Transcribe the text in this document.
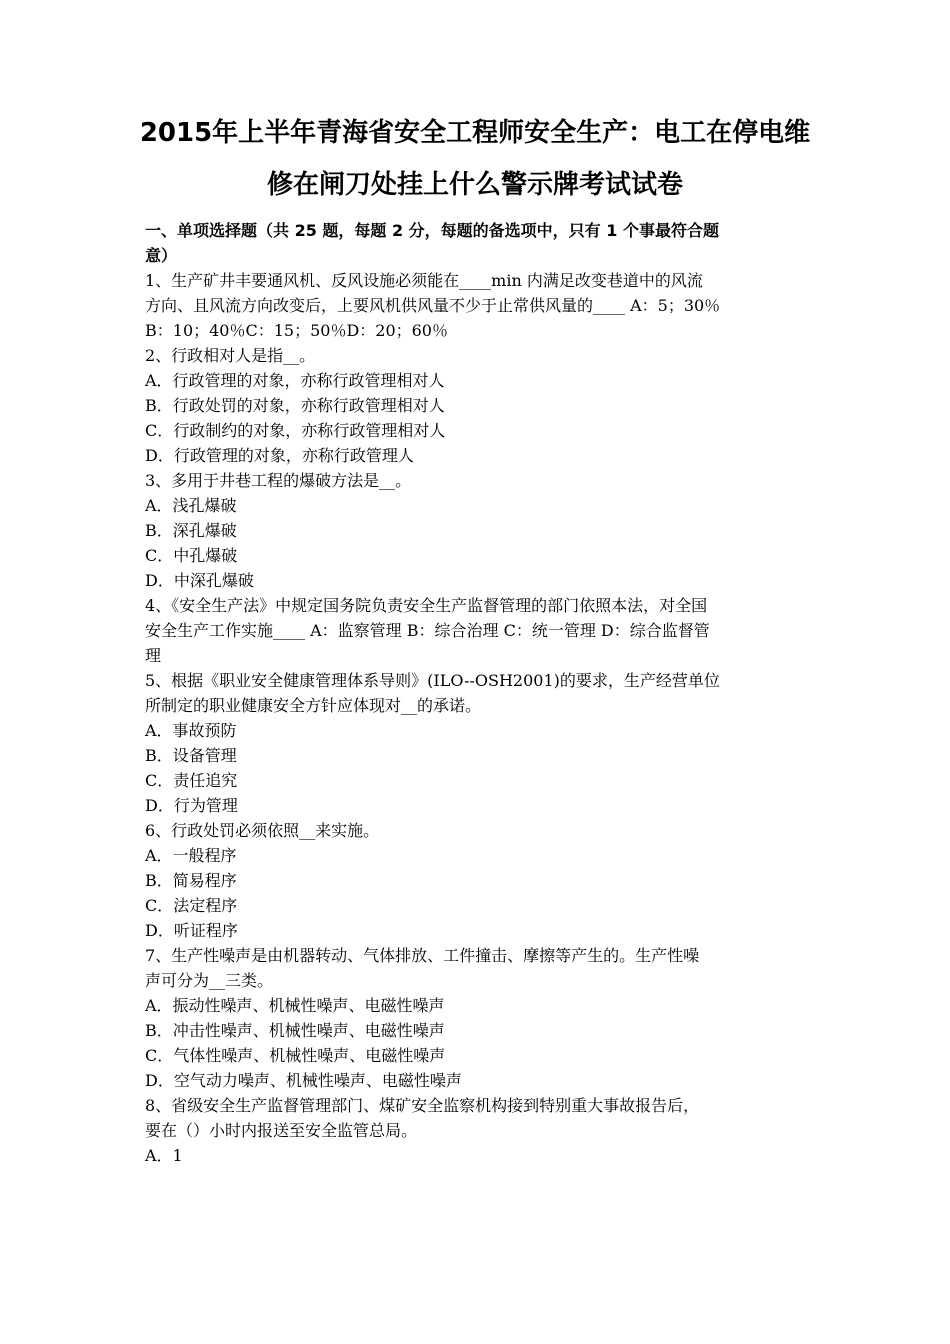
2015年上半年青海省安全工程师安全生产：电工在停电维
修在闸刀处挂上什么警示牌考试试卷
一、单项选择题（共 25 题，每题 2 分，每题的备选项中，只有 1 个事最符合题
意）
1、生产矿井丰要通风机、反风设施必须能在____min 内满足改变巷道中的风流
方向、且风流方向改变后，上要风机供风量不少于止常供风量的____ A：5；30％
B：10；40％C：15；50％D：20；60％
2、行政相对人是指__。
A．行政管理的对象，亦称行政管理相对人
B．行政处罚的对象，亦称行政管理相对人
C．行政制约的对象，亦称行政管理相对人
D．行政管理的对象，亦称行政管理人
3、多用于井巷工程的爆破方法是__。
A．浅孔爆破
B．深孔爆破
C．中孔爆破
D．中深孔爆破
4、《安全生产法》中规定国务院负责安全生产监督管理的部门依照本法，对全国
安全生产工作实施____ A：监察管理 B：综合治理 C：统一管理 D：综合监督管
理
5、根据《职业安全健康管理体系导则》(ILO--OSH2001)的要求，生产经营单位
所制定的职业健康安全方针应体现对__的承诺。
A．事故预防
B．设备管理
C．责任追究
D．行为管理
6、行政处罚必须依照__来实施。
A．一般程序
B．简易程序
C．法定程序
D．听证程序
7、生产性噪声是由机器转动、气体排放、工件撞击、摩擦等产生的。生产性噪
声可分为__三类。
A．振动性噪声、机械性噪声、电磁性噪声
B．冲击性噪声、机械性噪声、电磁性噪声
C．气体性噪声、机械性噪声、电磁性噪声
D．空气动力噪声、机械性噪声、电磁性噪声
8、省级安全生产监督管理部门、煤矿安全监察机构接到特别重大事故报告后，
要在（）小时内报送至安全监管总局。
A．1
